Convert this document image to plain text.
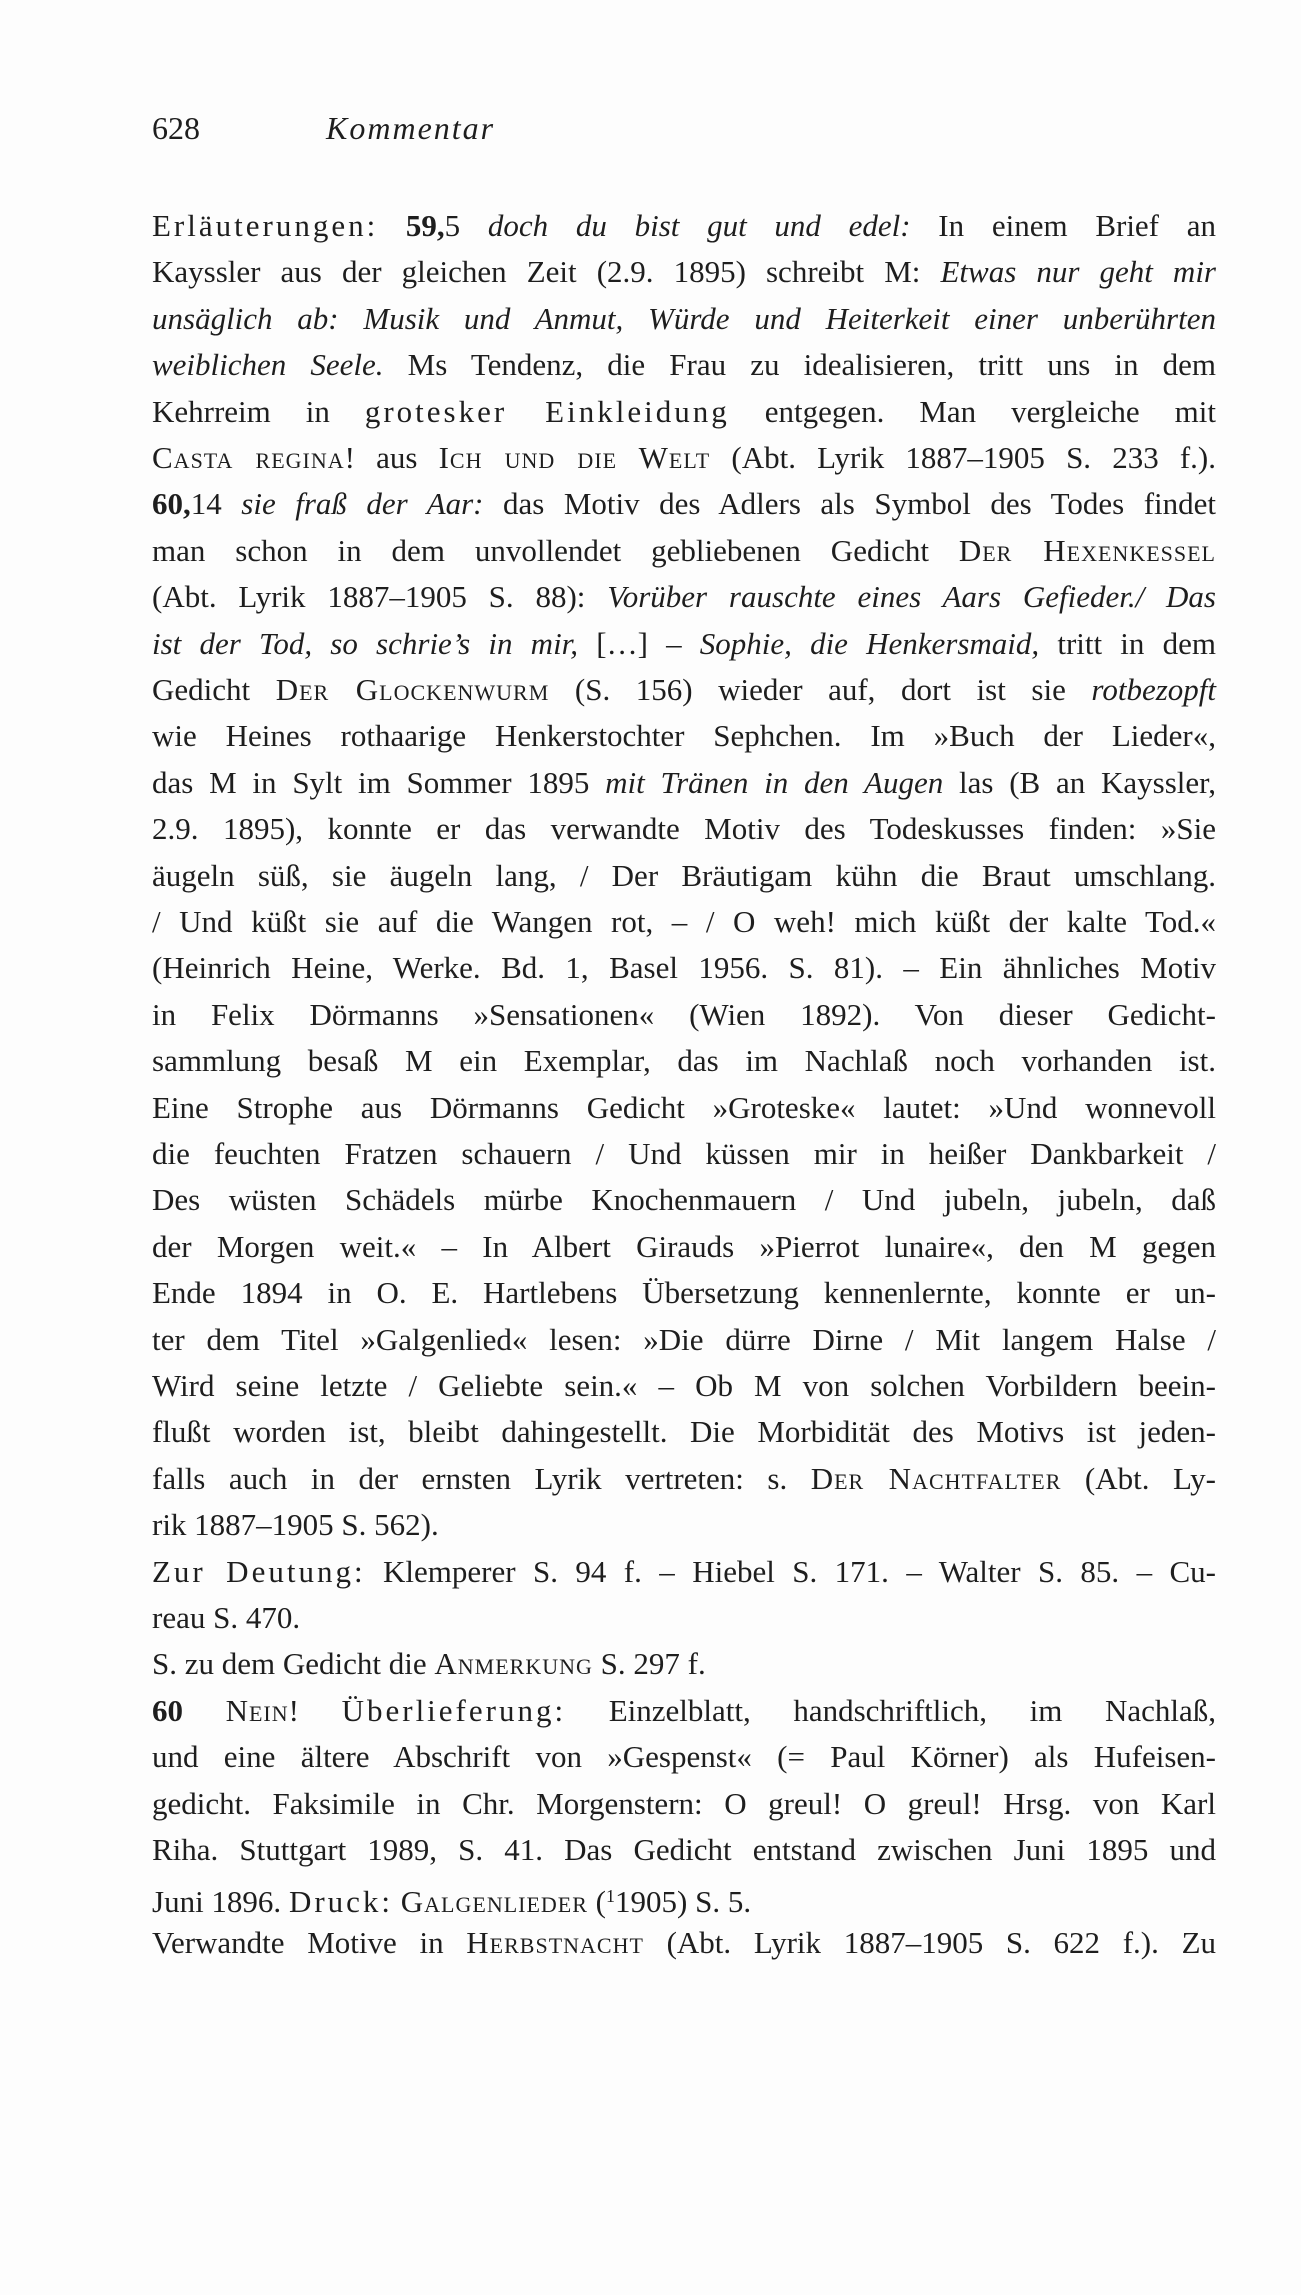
628	Kommentar
Erläuterungen: 59,5 doch du bist gut und edel: In einem Brief an
Kayssler aus der gleichen Zeit (2.9. 1895) schreibt M: Etwas nur geht mir
unsäglich ab: Musik und Anmut, Würde und Heiterkeit einer unberührten
weiblichen Seele. Ms Tendenz, die Frau zu idealisieren, tritt uns in dem
Kehrreim in grotesker Einkleidung entgegen. Man vergleiche mit
Casta regina! aus Ich und die Welt (Abt. Lyrik 1887–1905 S. 233 f.).
60,14 sie fraß der Aar: das Motiv des Adlers als Symbol des Todes findet
man schon in dem unvollendet gebliebenen Gedicht Der Hexenkessel
(Abt. Lyrik 1887–1905 S. 88): Vorüber rauschte eines Aars Gefieder./ Das
ist der Tod, so schrie’s in mir, […] – Sophie, die Henkersmaid, tritt in dem
Gedicht Der Glockenwurm (S. 156) wieder auf, dort ist sie rotbezopft
wie Heines rothaarige Henkerstochter Sephchen. Im »Buch der Lieder«,
das M in Sylt im Sommer 1895 mit Tränen in den Augen las (B an Kayssler,
2.9. 1895), konnte er das verwandte Motiv des Todeskusses finden: »Sie
äugeln süß, sie äugeln lang, / Der Bräutigam kühn die Braut umschlang.
/ Und küßt sie auf die Wangen rot, – / O weh! mich küßt der kalte Tod.«
(Heinrich Heine, Werke. Bd. 1, Basel 1956. S. 81). – Ein ähnliches Motiv
in Felix Dörmanns »Sensationen« (Wien 1892). Von dieser Gedicht-
sammlung besaß M ein Exemplar, das im Nachlaß noch vorhanden ist.
Eine Strophe aus Dörmanns Gedicht »Groteske« lautet: »Und wonnevoll
die feuchten Fratzen schauern / Und küssen mir in heißer Dankbarkeit /
Des wüsten Schädels mürbe Knochenmauern / Und jubeln, jubeln, daß
der Morgen weit.« – In Albert Girauds »Pierrot lunaire«, den M gegen
Ende 1894 in O. E. Hartlebens Übersetzung kennenlernte, konnte er un-
ter dem Titel »Galgenlied« lesen: »Die dürre Dirne / Mit langem Halse /
Wird seine letzte / Geliebte sein.« – Ob M von solchen Vorbildern beein-
flußt worden ist, bleibt dahingestellt. Die Morbidität des Motivs ist jeden-
falls auch in der ernsten Lyrik vertreten: s. Der Nachtfalter (Abt. Ly-
rik 1887–1905 S. 562).
Zur Deutung: Klemperer S. 94 f. – Hiebel S. 171. – Walter S. 85. – Cu-
reau S. 470.
S. zu dem Gedicht die Anmerkung S. 297 f.
60 Nein! Überlieferung: Einzelblatt, handschriftlich, im Nachlaß,
und eine ältere Abschrift von »Gespenst« (= Paul Körner) als Hufeisen-
gedicht. Faksimile in Chr. Morgenstern: O greul! O greul! Hrsg. von Karl
Riha. Stuttgart 1989, S. 41. Das Gedicht entstand zwischen Juni 1895 und
Juni 1896. Druck: Galgenlieder ($^1$1905) S. 5.
Verwandte Motive in Herbstnacht (Abt. Lyrik 1887–1905 S. 622 f.). Zu
